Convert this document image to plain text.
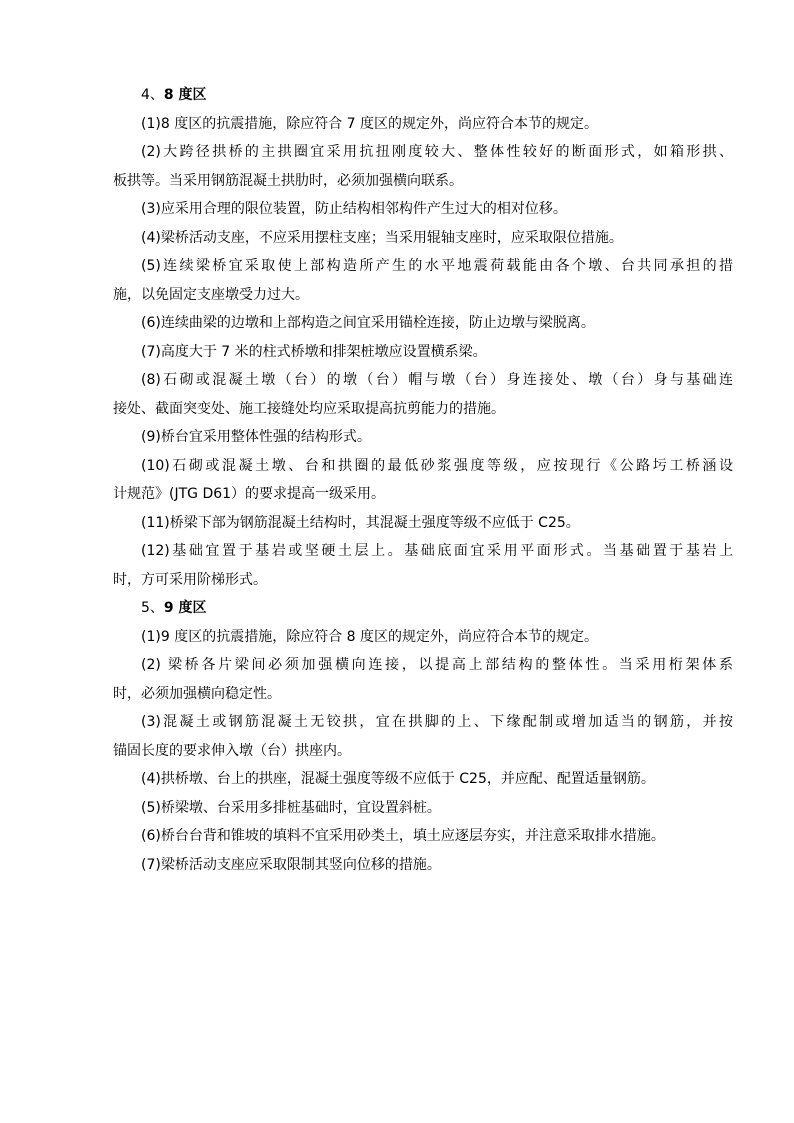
4、8 度区
(1)8 度区的抗震措施，除应符合 7 度区的规定外，尚应符合本节的规定。
(2)大跨径拱桥的主拱圈宜采用抗扭刚度较大、整体性较好的断面形式，如箱形拱、
板拱等。当采用钢筋混凝土拱肋时，必须加强横向联系。
(3)应采用合理的限位装置，防止结构相邻构件产生过大的相对位移。
(4)梁桥活动支座，不应采用摆柱支座；当采用辊轴支座时，应采取限位措施。
(5)连续梁桥宜采取使上部构造所产生的水平地震荷载能由各个墩、台共同承担的措
施，以免固定支座墩受力过大。
(6)连续曲梁的边墩和上部构造之间宜采用锚栓连接，防止边墩与梁脱离。
(7)高度大于 7 米的柱式桥墩和排架桩墩应设置横系梁。
(8)石砌或混凝土墩（台）的墩（台）帽与墩（台）身连接处、墩（台）身与基础连
接处、截面突变处、施工接缝处均应采取提高抗剪能力的措施。
(9)桥台宜采用整体性强的结构形式。
(10)石砌或混凝土墩、台和拱圈的最低砂浆强度等级，应按现行《公路圬工桥涵设
计规范》(JTG D61）的要求提高一级采用。
(11)桥梁下部为钢筋混凝土结构时，其混凝土强度等级不应低于 C25。
(12)基础宜置于基岩或坚硬土层上。基础底面宜采用平面形式。当基础置于基岩上
时，方可采用阶梯形式。
5、9 度区
(1)9 度区的抗震措施，除应符合 8 度区的规定外，尚应符合本节的规定。
(2) 梁桥各片梁间必须加强横向连接，以提高上部结构的整体性。当采用桁架体系
时，必须加强横向稳定性。
(3)混凝土或钢筋混凝土无铰拱，宜在拱脚的上、下缘配制或增加适当的钢筋，并按
锚固长度的要求伸入墩（台）拱座内。
(4)拱桥墩、台上的拱座，混凝土强度等级不应低于 C25，并应配、配置适量钢筋。
(5)桥梁墩、台采用多排桩基础时，宜设置斜桩。
(6)桥台台背和锥坡的填料不宜采用砂类土，填土应逐层夯实，并注意采取排水措施。
(7)梁桥活动支座应采取限制其竖向位移的措施。
